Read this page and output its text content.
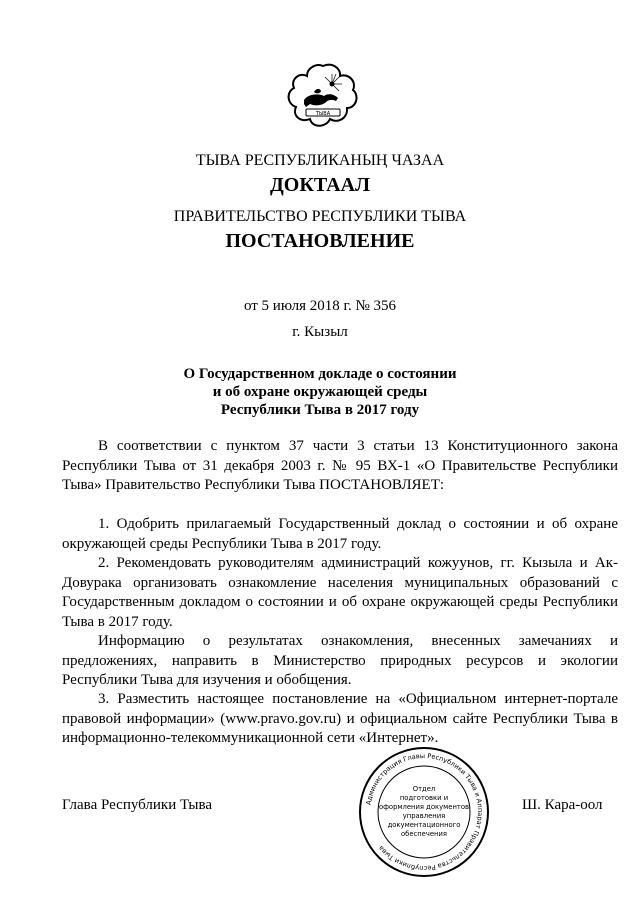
ТЫВА
ТЫВА РЕСПУБЛИКАНЫҢ ЧАЗАА
ДОКТААЛ
ПРАВИТЕЛЬСТВО РЕСПУБЛИКИ ТЫВА
ПОСТАНОВЛЕНИЕ
от 5 июля 2018 г. № 356
г. Кызыл
О Государственном докладе о состоянии
и об охране окружающей среды
Республики Тыва в 2017 году

В соответствии с пунктом 37 части 3 статьи 13 Конституционного закона Республики Тыва от 31 декабря 2003 г. № 95 ВХ-1 «О Правительстве Республики Тыва» Правительство Республики Тыва ПОСТАНОВЛЯЕТ:

1. Одобрить прилагаемый Государственный доклад о состоянии и об охране окружающей среды Республики Тыва в 2017 году.

2. Рекомендовать руководителям администраций кожуунов, гг. Кызыла и Ак-Довурака организовать ознакомление населения муниципальных образований с Государственным докладом о состоянии и об охране окружающей среды Республики Тыва в 2017 году.

Информацию о результатах ознакомления, внесенных замечаниях и предложениях, направить в Министерство природных ресурсов и экологии Республики Тыва для изучения и обобщения.

3. Разместить настоящее постановление на «Официальном интернет-портале правовой информации» (www.pravo.gov.ru) и официальном сайте Республики Тыва в информационно-телекоммуникационной сети «Интернет».

Глава Республики Тыва	Ш. Кара-оол
Администрация Главы Республики Тыва и Аппарат Правительства Республики Тыва
Отдел
подготовки и
оформления документов
управления
документационного
обеспечения
